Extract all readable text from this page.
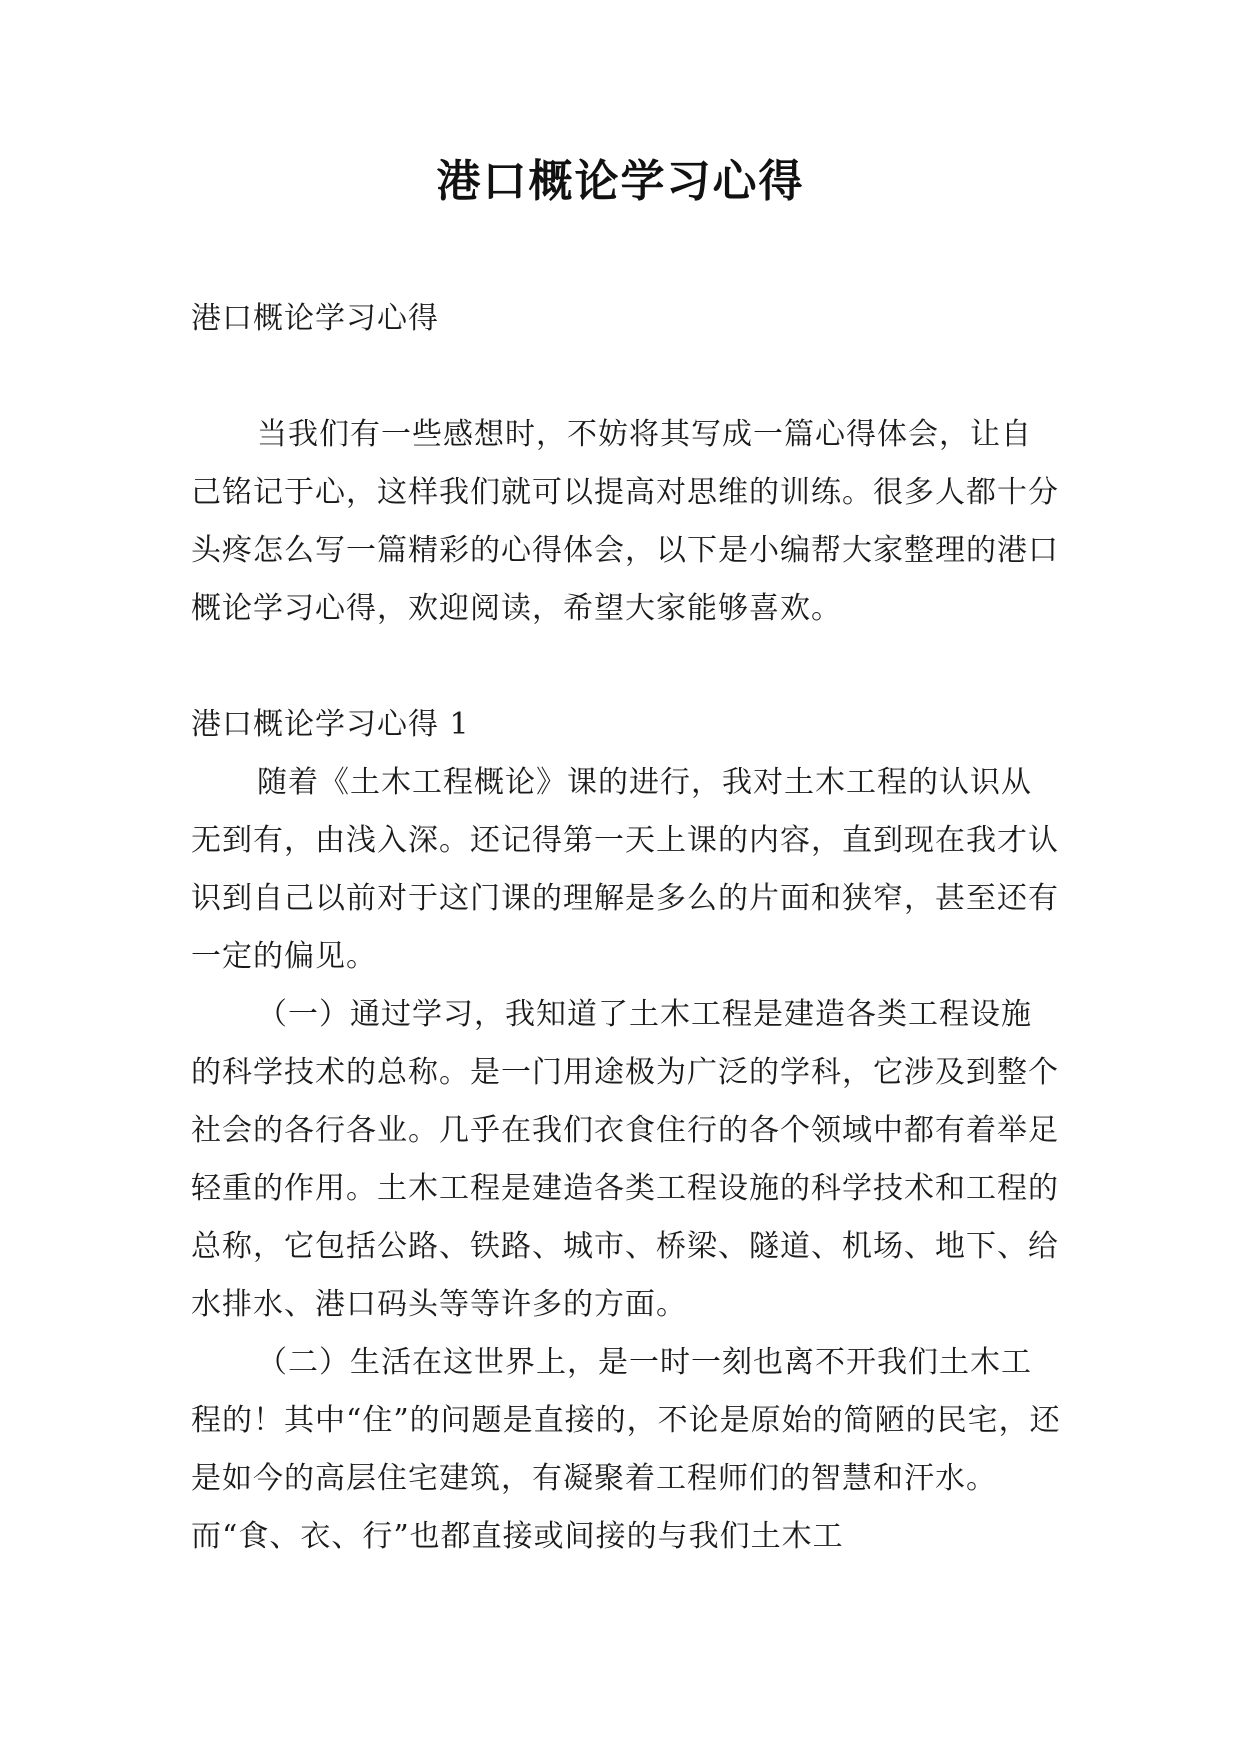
港口概论学习心得

港口概论学习心得

当我们有一些感想时，不妨将其写成一篇心得体会，让自己铭记于心，这样我们就可以提高对思维的训练。很多人都十分头疼怎么写一篇精彩的心得体会，以下是小编帮大家整理的港口概论学习心得，欢迎阅读，希望大家能够喜欢。

港口概论学习心得 1

随着《土木工程概论》课的进行，我对土木工程的认识从无到有，由浅入深。还记得第一天上课的内容，直到现在我才认识到自己以前对于这门课的理解是多么的片面和狭窄，甚至还有一定的偏见。

（一）通过学习，我知道了土木工程是建造各类工程设施的科学技术的总称。是一门用途极为广泛的学科，它涉及到整个社会的各行各业。几乎在我们衣食住行的各个领域中都有着举足轻重的作用。土木工程是建造各类工程设施的科学技术和工程的总称，它包括公路、铁路、城市、桥梁、隧道、机场、地下、给水排水、港口码头等等许多的方面。

（二）生活在这世界上，是一时一刻也离不开我们土木工程的！其中“住”的问题是直接的，不论是原始的简陋的民宅，还是如今的高层住宅建筑，有凝聚着工程师们的智慧和汗水。而“食、衣、行”也都直接或间接的与我们土木工
